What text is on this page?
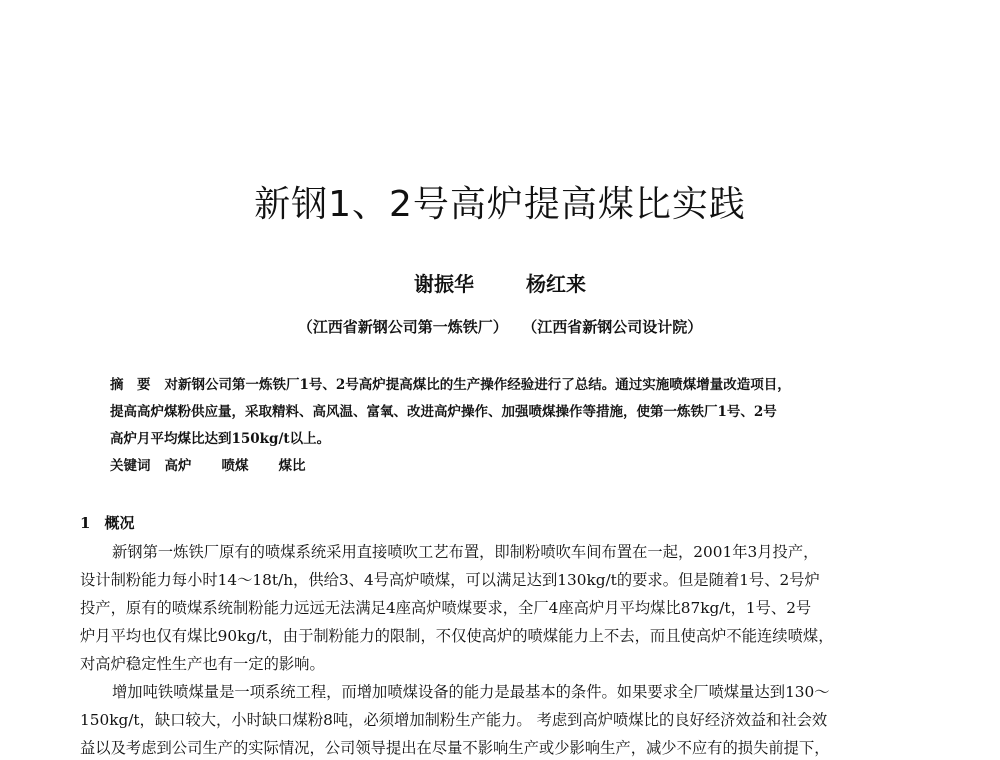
新钢1、2号高炉提高煤比实践
谢振华	杨红来
（江西省新钢公司第一炼铁厂） （江西省新钢公司设计院）
摘　要 对新钢公司第一炼铁厂1号、2号高炉提高煤比的生产操作经验进行了总结。通过实施喷煤增量改造项目，
提高高炉煤粉供应量，采取精料、高风温、富氧、改进高炉操作、加强喷煤操作等措施，使第一炼铁厂1号、2号
高炉月平均煤比达到150kg/t以上。
关键词 高炉 喷煤 煤比
1 概况
新钢第一炼铁厂原有的喷煤系统采用直接喷吹工艺布置，即制粉喷吹车间布置在一起，2001年3月投产，
设计制粉能力每小时14～18t/h，供给3、4号高炉喷煤，可以满足达到130kg/t的要求。但是随着1号、2号炉
投产，原有的喷煤系统制粉能力远远无法满足4座高炉喷煤要求，全厂4座高炉月平均煤比87kg/t，1号、2号
炉月平均也仅有煤比90kg/t，由于制粉能力的限制，不仅使高炉的喷煤能力上不去，而且使高炉不能连续喷煤，
对高炉稳定性生产也有一定的影响。
增加吨铁喷煤量是一项系统工程，而增加喷煤设备的能力是最基本的条件。如果要求全厂喷煤量达到130～
150kg/t，缺口较大，小时缺口煤粉8吨，必须增加制粉生产能力。 考虑到高炉喷煤比的良好经济效益和社会效
益以及考虑到公司生产的实际情况，公司领导提出在尽量不影响生产或少影响生产，减少不应有的损失前提下，
